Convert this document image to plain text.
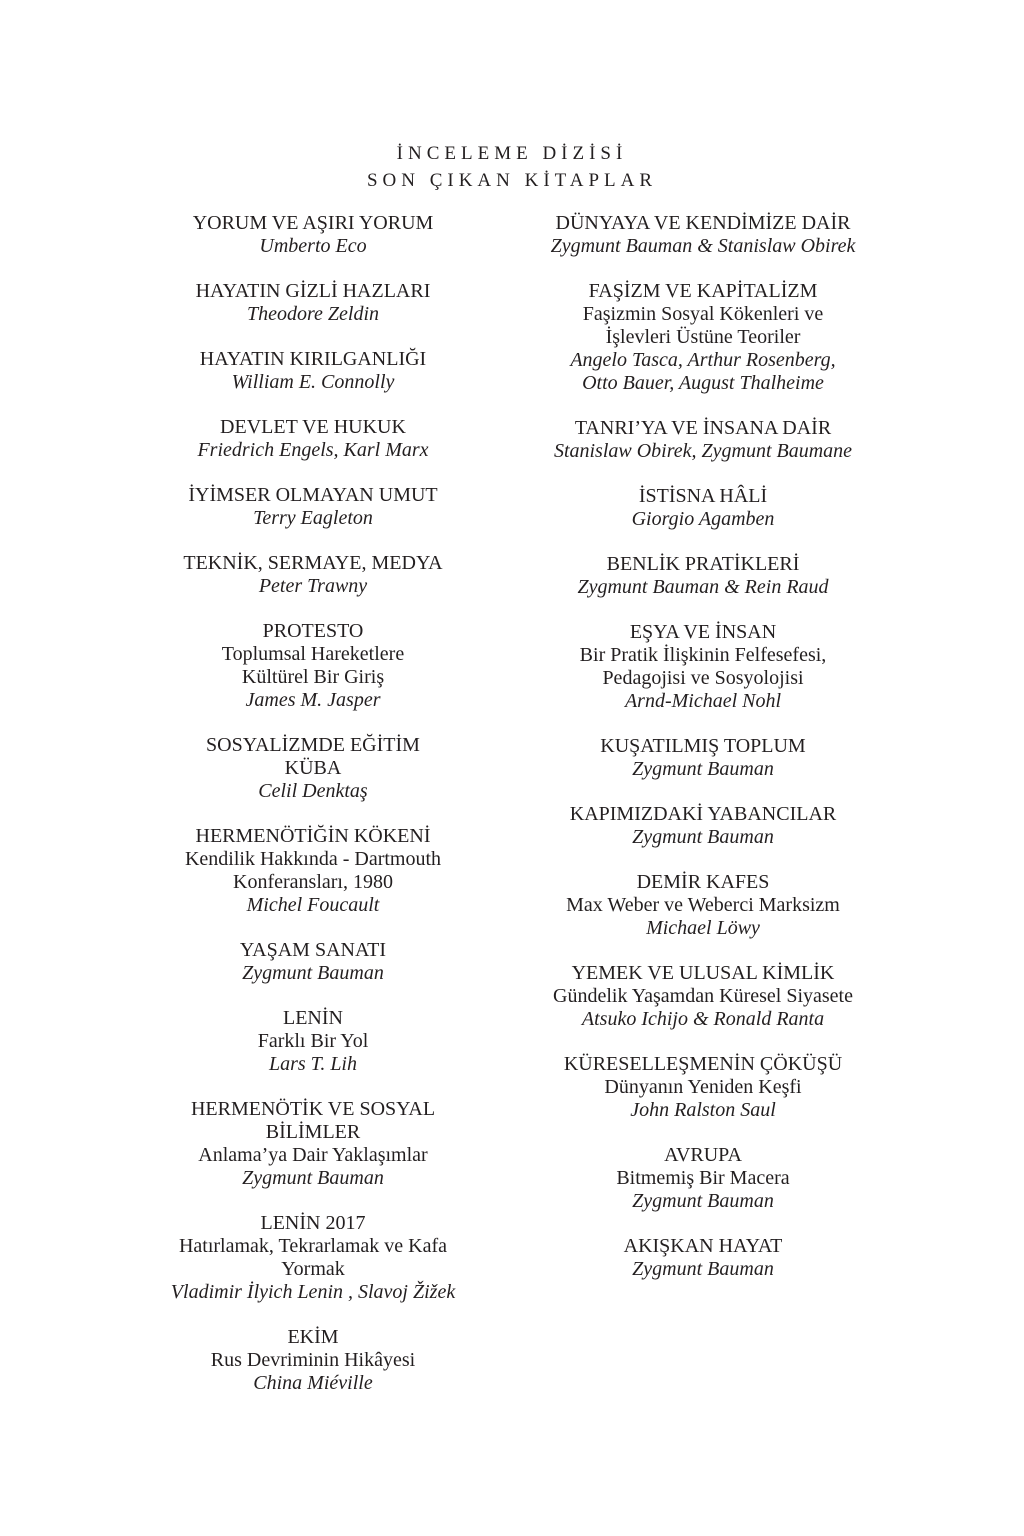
İNCELEME DİZİSİ
SON ÇIKAN KİTAPLAR
YORUM VE AŞIRI YORUM
Umberto Eco
HAYATIN GİZLİ HAZLARI
Theodore Zeldin
HAYATIN KIRILGANLIĞI
William E. Connolly
DEVLET VE HUKUK
Friedrich Engels, Karl Marx
İYİMSER OLMAYAN UMUT
Terry Eagleton
TEKNİK, SERMAYE, MEDYA
Peter Trawny
PROTESTO
Toplumsal Hareketlere
Kültürel Bir Giriş
James M. Jasper
SOSYALİZMDE EĞİTİM
KÜBA
Celil Denktaş
HERMENÖTİĞİN KÖKENİ
Kendilik Hakkında - Dartmouth
Konferansları, 1980
Michel Foucault
YAŞAM SANATI
Zygmunt Bauman
LENİN
Farklı Bir Yol
Lars T. Lih
HERMENÖTİK VE SOSYAL
BİLİMLER
Anlama’ya Dair Yaklaşımlar
Zygmunt Bauman
LENİN 2017
Hatırlamak, Tekrarlamak ve Kafa
Yormak
Vladimir İlyich Lenin , Slavoj Žižek
EKİM
Rus Devriminin Hikâyesi
China Miéville
DÜNYAYA VE KENDİMİZE DAİR
Zygmunt Bauman & Stanislaw Obirek
FAŞİZM VE KAPİTALİZM
Faşizmin Sosyal Kökenleri ve
İşlevleri Üstüne Teoriler
Angelo Tasca, Arthur Rosenberg,
Otto Bauer, August Thalheime
TANRI’YA VE İNSANA DAİR
Stanislaw Obirek, Zygmunt Baumane
İSTİSNA HÂLİ
Giorgio Agamben
BENLİK PRATİKLERİ
Zygmunt Bauman & Rein Raud
EŞYA VE İNSAN
Bir Pratik İlişkinin Felfesefesi,
Pedagojisi ve Sosyolojisi
Arnd-Michael Nohl
KUŞATILMIŞ TOPLUM
Zygmunt Bauman
KAPIMIZDAKİ YABANCILAR
Zygmunt Bauman
DEMİR KAFES
Max Weber ve Weberci Marksizm
Michael Löwy
YEMEK VE ULUSAL KİMLİK
Gündelik Yaşamdan Küresel Siyasete
Atsuko Ichijo & Ronald Ranta
KÜRESELLEŞMENİN ÇÖKÜŞÜ
Dünyanın Yeniden Keşfi
John Ralston Saul
AVRUPA
Bitmemiş Bir Macera
Zygmunt Bauman
AKIŞKAN HAYAT
Zygmunt Bauman
